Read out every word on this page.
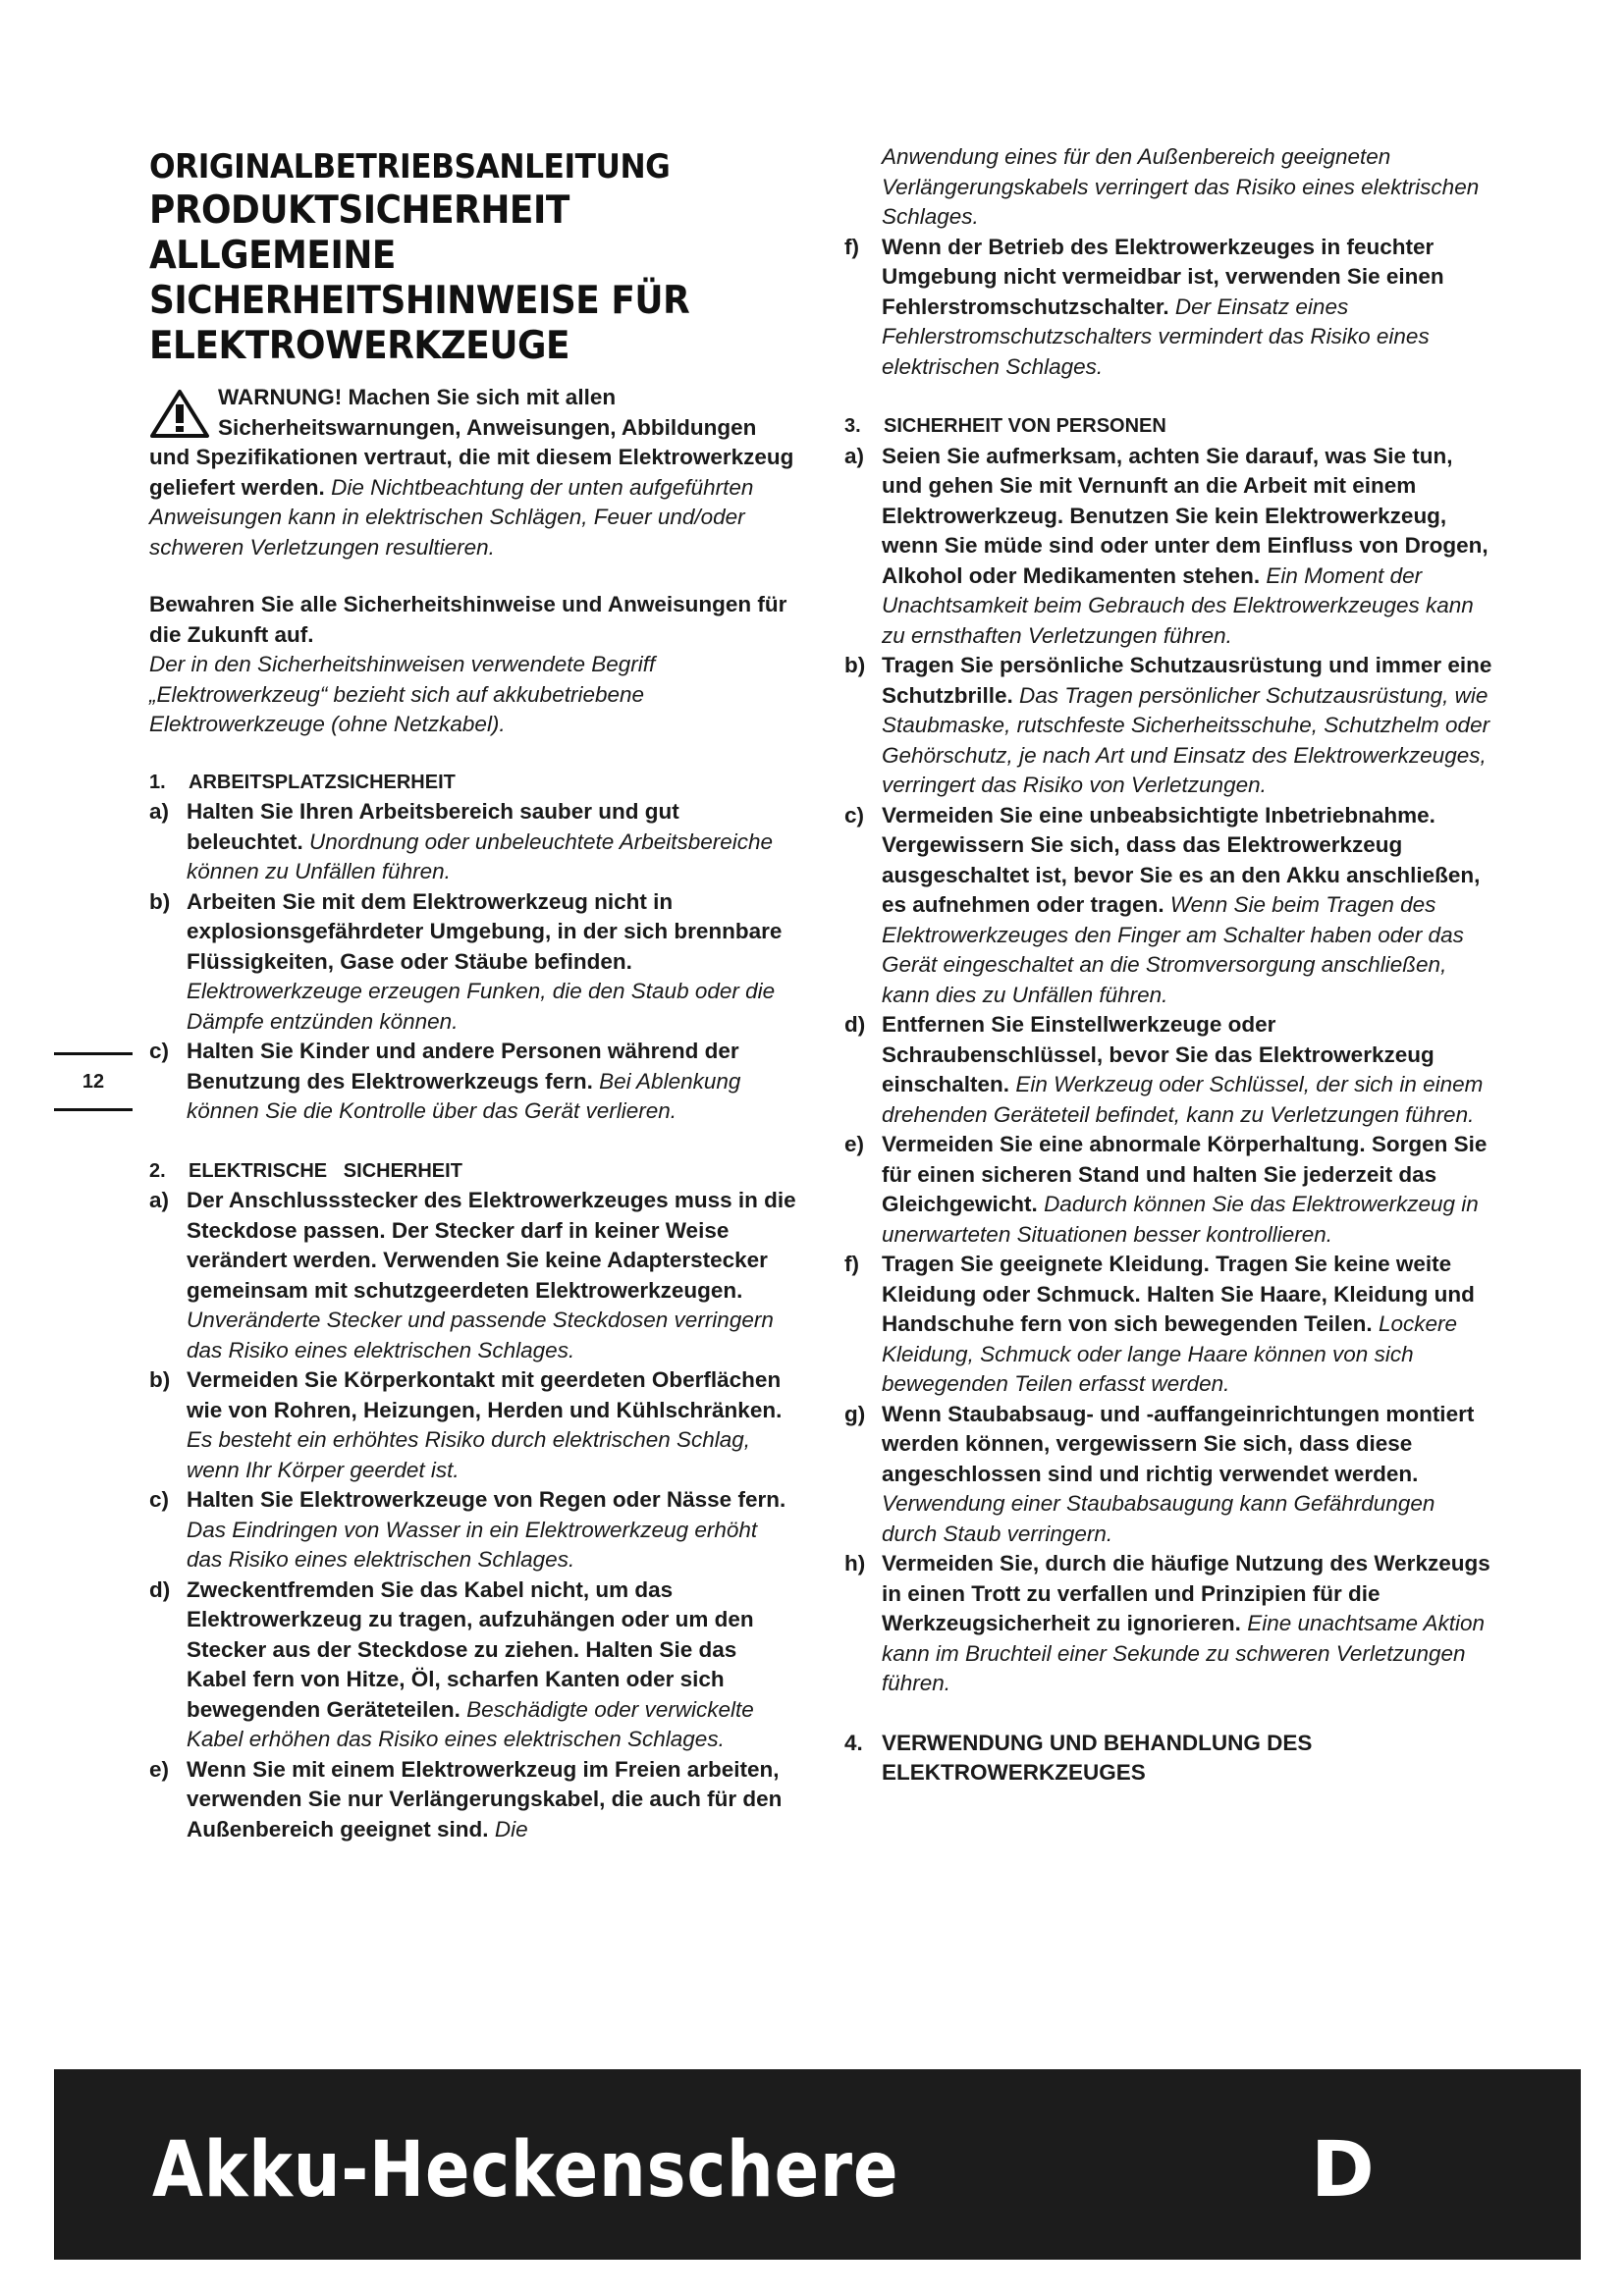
ORIGINALBETRIEBSANLEITUNG
PRODUKTSICHERHEIT
ALLGEMEINE
SICHERHEITSHINWEISE FÜR
ELEKTROWERKZEUGE
WARNUNG! Machen Sie sich mit allen Sicherheitswarnungen, Anweisungen, Abbildungen und Spezifikationen vertraut, die mit diesem Elektrowerkzeug geliefert werden. Die Nichtbeachtung der unten aufgeführten Anweisungen kann in elektrischen Schlägen, Feuer und/oder schweren Verletzungen resultieren.
Bewahren Sie alle Sicherheitshinweise und Anweisungen für die Zukunft auf.
Der in den Sicherheitshinweisen verwendete Begriff „Elektrowerkzeug“ bezieht sich auf akkubetriebene Elektrowerkzeuge (ohne Netzkabel).
1. ARBEITSPLATZSICHERHEIT
a) Halten Sie Ihren Arbeitsbereich sauber und gut beleuchtet. Unordnung oder unbeleuchtete Arbeitsbereiche können zu Unfällen führen.
b) Arbeiten Sie mit dem Elektrowerkzeug nicht in explosionsgefährdeter Umgebung, in der sich brennbare Flüssigkeiten, Gase oder Stäube befinden. Elektrowerkzeuge erzeugen Funken, die den Staub oder die Dämpfe entzünden können.
c) Halten Sie Kinder und andere Personen während der Benutzung des Elektrowerkzeugs fern. Bei Ablenkung können Sie die Kontrolle über das Gerät verlieren.
2. ELEKTRISCHE   SICHERHEIT
a) Der Anschlussstecker des Elektrowerkzeuges muss in die Steckdose passen. Der Stecker darf in keiner Weise verändert werden. Verwenden Sie keine Adapterstecker gemeinsam mit schutzgeerdeten Elektrowerkzeugen. Unveränderte Stecker und passende Steckdosen verringern das Risiko eines elektrischen Schlages.
b) Vermeiden Sie Körperkontakt mit geerdeten Oberflächen wie von Rohren, Heizungen, Herden und Kühlschränken. Es besteht ein erhöhtes Risiko durch elektrischen Schlag, wenn Ihr Körper geerdet ist.
c) Halten Sie Elektrowerkzeuge von Regen oder Nässe fern. Das Eindringen von Wasser in ein Elektrowerkzeug erhöht das Risiko eines elektrischen Schlages.
d) Zweckentfremden Sie das Kabel nicht, um das Elektrowerkzeug zu tragen, aufzuhängen oder um den Stecker aus der Steckdose zu ziehen. Halten Sie das Kabel fern von Hitze, Öl, scharfen Kanten oder sich bewegenden Geräteteilen. Beschädigte oder verwickelte Kabel erhöhen das Risiko eines elektrischen Schlages.
e) Wenn Sie mit einem Elektrowerkzeug im Freien arbeiten, verwenden Sie nur Verlängerungskabel, die auch für den Außenbereich geeignet sind. Die
Anwendung eines für den Außenbereich geeigneten Verlängerungskabels verringert das Risiko eines elektrischen Schlages.
f)	Wenn der Betrieb des Elektrowerkzeuges in feuchter Umgebung nicht vermeidbar ist, verwenden Sie einen Fehlerstromschutzschalter. Der Einsatz eines Fehlerstromschutzschalters vermindert das Risiko eines elektrischen Schlages.
3. SICHERHEIT VON PERSONEN
a) Seien Sie aufmerksam, achten Sie darauf, was Sie tun, und gehen Sie mit Vernunft an die Arbeit mit einem Elektrowerkzeug. Benutzen Sie kein Elektrowerkzeug, wenn Sie müde sind oder unter dem Einfluss von Drogen, Alkohol oder Medikamenten stehen. Ein Moment der Unachtsamkeit beim Gebrauch des Elektrowerkzeuges kann zu ernsthaften Verletzungen führen.
b) Tragen Sie persönliche Schutzausrüstung und immer eine Schutzbrille. Das Tragen persönlicher Schutzausrüstung, wie Staubmaske, rutschfeste Sicherheitsschuhe, Schutzhelm oder Gehörschutz, je nach Art und Einsatz des Elektrowerkzeuges, verringert das Risiko von Verletzungen.
c) Vermeiden Sie eine unbeabsichtigte Inbetriebnahme. Vergewissern Sie sich, dass das Elektrowerkzeug ausgeschaltet ist, bevor Sie es an den Akku anschließen, es aufnehmen oder tragen. Wenn Sie beim Tragen des Elektrowerkzeuges den Finger am Schalter haben oder das Gerät eingeschaltet an die Stromversorgung anschließen, kann dies zu Unfällen führen.
d) Entfernen Sie Einstellwerkzeuge oder Schraubenschlüssel, bevor Sie das Elektrowerkzeug einschalten. Ein Werkzeug oder Schlüssel, der sich in einem drehenden Geräteteil befindet, kann zu Verletzungen führen.
e) Vermeiden Sie eine abnormale Körperhaltung. Sorgen Sie für einen sicheren Stand und halten Sie jederzeit das Gleichgewicht. Dadurch können Sie das Elektrowerkzeug in unerwarteten Situationen besser kontrollieren.
f)	Tragen Sie geeignete Kleidung. Tragen Sie keine weite Kleidung oder Schmuck. Halten Sie Haare, Kleidung und Handschuhe fern von sich bewegenden Teilen. Lockere Kleidung, Schmuck oder lange Haare können von sich bewegenden Teilen erfasst werden.
g) Wenn Staubabsaug- und -auffangeinrichtungen montiert werden können, vergewissern Sie sich, dass diese angeschlossen sind und richtig verwendet werden. Verwendung einer Staubabsaugung kann Gefährdungen durch Staub verringern.
h) Vermeiden Sie, durch die häufige Nutzung des Werkzeugs in einen Trott zu verfallen und Prinzipien für die Werkzeugsicherheit zu ignorieren. Eine unachtsame Aktion kann im Bruchteil einer Sekunde zu schweren Verletzungen führen.
4. VERWENDUNG UND BEHANDLUNG DES ELEKTROWERKZEUGES
12
Akku-Heckenschere	D
